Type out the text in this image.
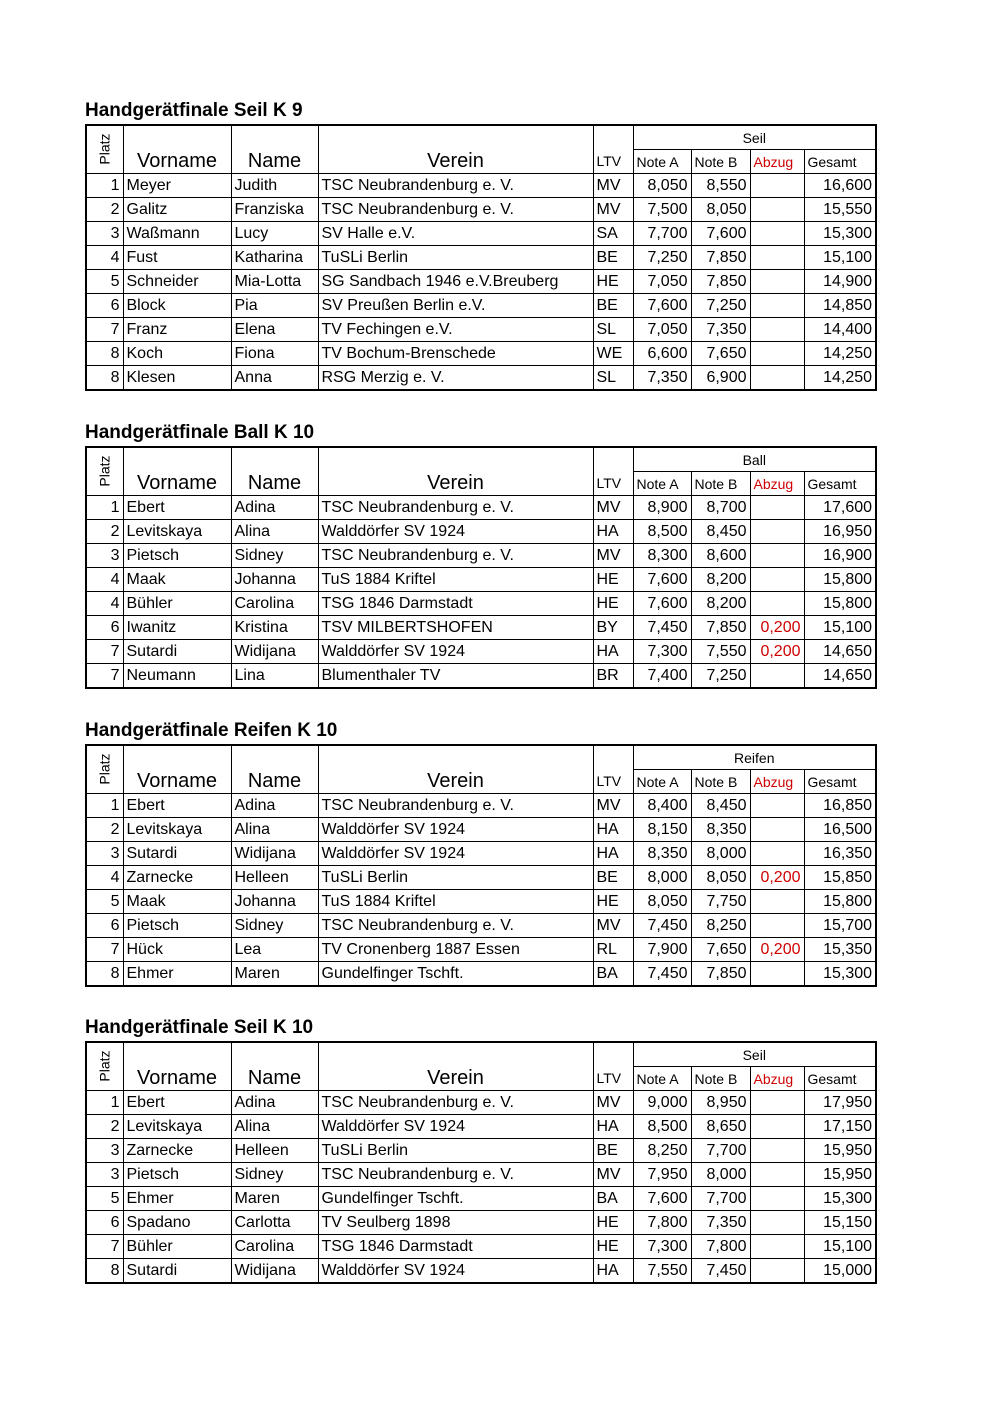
Handgerätfinale Seil K 9
Platz	Vorname	Name	Verein		Seil			
				LTV	Note A	Note B	Abzug	Gesamt
1	Meyer	Judith	TSC Neubrandenburg e. V.	MV	8,050	8,550		16,600
2	Galitz	Franziska	TSC Neubrandenburg e. V.	MV	7,500	8,050		15,550
3	Waßmann	Lucy	SV Halle e.V.	SA	7,700	7,600		15,300
4	Fust	Katharina	TuSLi Berlin	BE	7,250	7,850		15,100
5	Schneider	Mia-Lotta	SG Sandbach 1946 e.V.Breuberg	HE	7,050	7,850		14,900
6	Block	Pia	SV Preußen Berlin e.V.	BE	7,600	7,250		14,850
7	Franz	Elena	TV Fechingen e.V.	SL	7,050	7,350		14,400
8	Koch	Fiona	TV Bochum-Brenschede	WE	6,600	7,650		14,250
8	Klesen	Anna	RSG Merzig e. V.	SL	7,350	6,900		14,250
Handgerätfinale Ball K 10
Platz	Vorname	Name	Verein		Ball			
				LTV	Note A	Note B	Abzug	Gesamt
1	Ebert	Adina	TSC Neubrandenburg e. V.	MV	8,900	8,700		17,600
2	Levitskaya	Alina	Walddörfer SV 1924	HA	8,500	8,450		16,950
3	Pietsch	Sidney	TSC Neubrandenburg e. V.	MV	8,300	8,600		16,900
4	Maak	Johanna	TuS 1884 Kriftel	HE	7,600	8,200		15,800
4	Bühler	Carolina	TSG 1846 Darmstadt	HE	7,600	8,200		15,800
6	Iwanitz	Kristina	TSV MILBERTSHOFEN	BY	7,450	7,850	0,200	15,100
7	Sutardi	Widijana	Walddörfer SV 1924	HA	7,300	7,550	0,200	14,650
7	Neumann	Lina	Blumenthaler TV	BR	7,400	7,250		14,650
Handgerätfinale Reifen K 10
Platz	Vorname	Name	Verein		Reifen			
				LTV	Note A	Note B	Abzug	Gesamt
1	Ebert	Adina	TSC Neubrandenburg e. V.	MV	8,400	8,450		16,850
2	Levitskaya	Alina	Walddörfer SV 1924	HA	8,150	8,350		16,500
3	Sutardi	Widijana	Walddörfer SV 1924	HA	8,350	8,000		16,350
4	Zarnecke	Helleen	TuSLi Berlin	BE	8,000	8,050	0,200	15,850
5	Maak	Johanna	TuS 1884 Kriftel	HE	8,050	7,750		15,800
6	Pietsch	Sidney	TSC Neubrandenburg e. V.	MV	7,450	8,250		15,700
7	Hück	Lea	TV Cronenberg 1887 Essen	RL	7,900	7,650	0,200	15,350
8	Ehmer	Maren	Gundelfinger Tschft.	BA	7,450	7,850		15,300
Handgerätfinale Seil K 10
Platz	Vorname	Name	Verein		Seil			
				LTV	Note A	Note B	Abzug	Gesamt
1	Ebert	Adina	TSC Neubrandenburg e. V.	MV	9,000	8,950		17,950
2	Levitskaya	Alina	Walddörfer SV 1924	HA	8,500	8,650		17,150
3	Zarnecke	Helleen	TuSLi Berlin	BE	8,250	7,700		15,950
3	Pietsch	Sidney	TSC Neubrandenburg e. V.	MV	7,950	8,000		15,950
5	Ehmer	Maren	Gundelfinger Tschft.	BA	7,600	7,700		15,300
6	Spadano	Carlotta	TV Seulberg 1898	HE	7,800	7,350		15,150
7	Bühler	Carolina	TSG 1846 Darmstadt	HE	7,300	7,800		15,100
8	Sutardi	Widijana	Walddörfer SV 1924	HA	7,550	7,450		15,000
